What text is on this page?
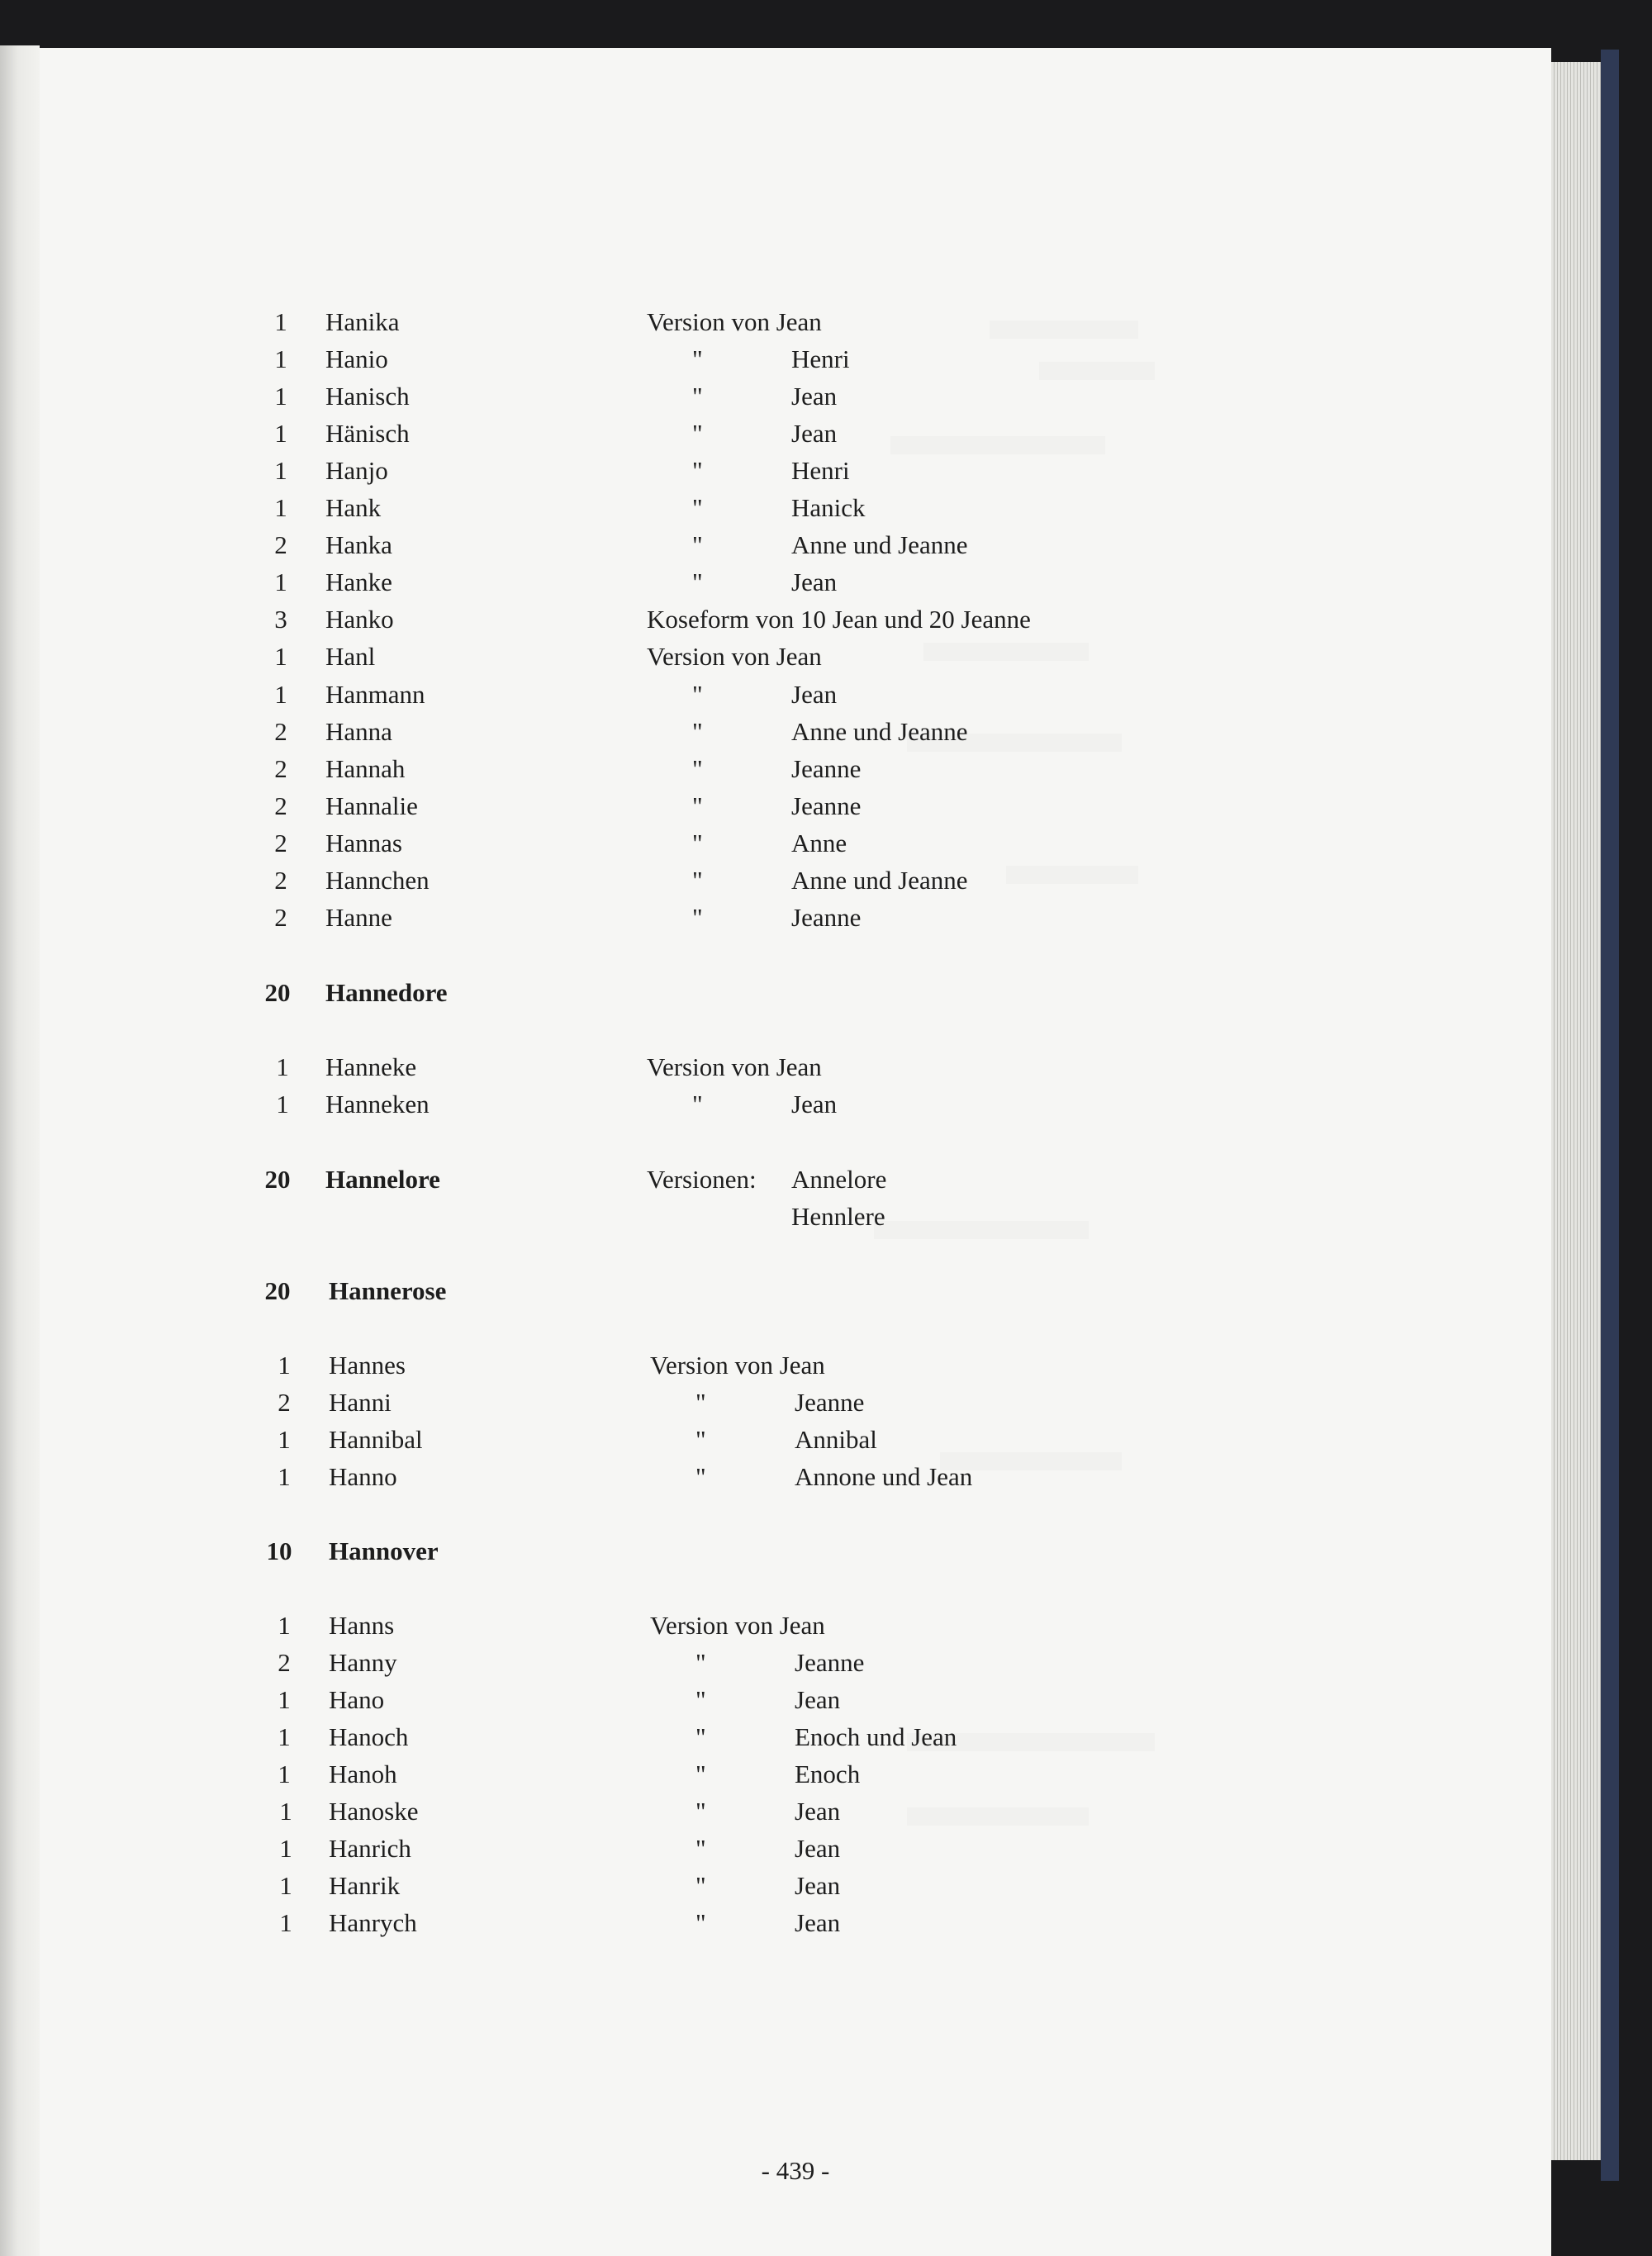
1	Hanika	Version von Jean
1	Hanio	"	Henri
1	Hanisch	"	Jean
1	Hänisch	"	Jean
1	Hanjo	"	Henri
1	Hank	"	Hanick
2	Hanka	"	Anne und Jeanne
1	Hanke	"	Jean
3	Hanko	Koseform von 10 Jean und 20 Jeanne
1	Hanl	Version von Jean
1	Hanmann	"	Jean
2	Hanna	"	Anne und Jeanne
2	Hannah	"	Jeanne
2	Hannalie	"	Jeanne
2	Hannas	"	Anne
2	Hannchen	"	Anne und Jeanne
2	Hanne	"	Jeanne
20	Hannedore
1	Hanneke	Version von Jean
1	Hanneken	"	Jean
20	Hannelore	Versionen: Annelore
Hennlere
20	Hannerose
1	Hannes	Version von Jean
2	Hanni	"	Jeanne
1	Hannibal	"	Annibal
1	Hanno	"	Annone und Jean
10	Hannover
1	Hanns	Version von Jean
2	Hanny	"	Jeanne
1	Hano	"	Jean
1	Hanoch	"	Enoch und Jean
1	Hanoh	"	Enoch
1	Hanoske	"	Jean
1	Hanrich	"	Jean
1	Hanrik	"	Jean
1	Hanrych	"	Jean
- 439 -
